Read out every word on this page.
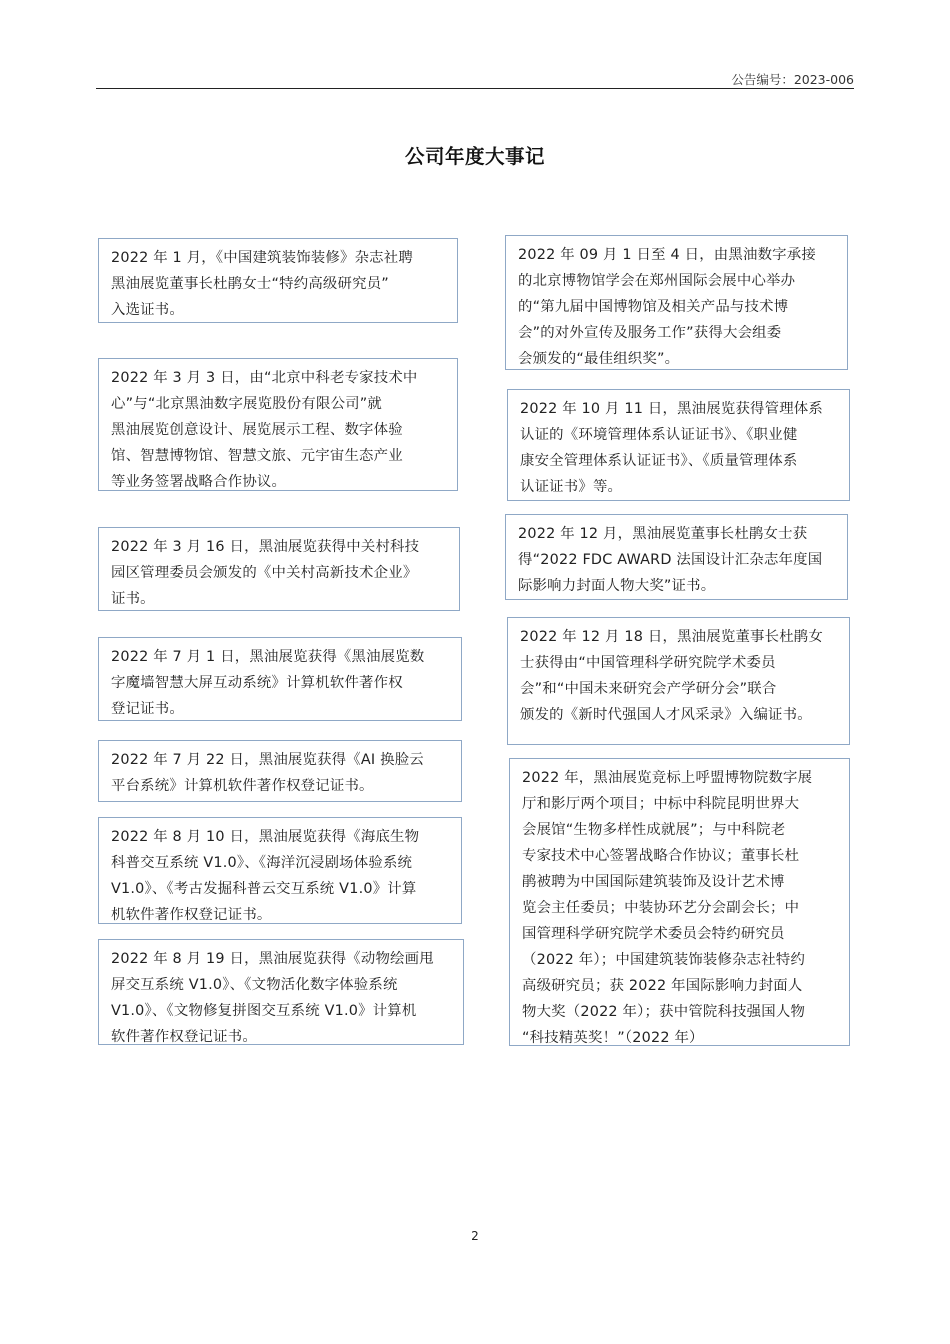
公告编号：2023-006
公司年度大事记
2022 年 1 月，《中国建筑装饰装修》杂志社聘
黑油展览董事长杜鹃女士“特约高级研究员”
入选证书。
2022 年 3 月 3 日，由“北京中科老专家技术中
心”与“北京黑油数字展览股份有限公司”就
黑油展览创意设计、展览展示工程、数字体验
馆、智慧博物馆、智慧文旅、元宇宙生态产业
等业务签署战略合作协议。
2022 年 3 月 16 日，黑油展览获得中关村科技
园区管理委员会颁发的《中关村高新技术企业》
证书。
2022 年 7 月 1 日，黑油展览获得《黑油展览数
字魔墙智慧大屏互动系统》计算机软件著作权
登记证书。
2022 年 7 月 22 日，黑油展览获得《AI 换脸云
平台系统》计算机软件著作权登记证书。
2022 年 8 月 10 日，黑油展览获得《海底生物
科普交互系统 V1.0》、《海洋沉浸剧场体验系统
V1.0》、《考古发掘科普云交互系统 V1.0》计算
机软件著作权登记证书。
2022 年 8 月 19 日，黑油展览获得《动物绘画甩
屏交互系统 V1.0》、《文物活化数字体验系统
V1.0》、《文物修复拼图交互系统 V1.0》计算机
软件著作权登记证书。
2022 年 09 月 1 日至 4 日，由黑油数字承接
的北京博物馆学会在郑州国际会展中心举办
的“第九届中国博物馆及相关产品与技术博
会”的对外宣传及服务工作”获得大会组委
会颁发的“最佳组织奖”。
2022 年 10 月 11 日，黑油展览获得管理体系
认证的《环境管理体系认证证书》、《职业健
康安全管理体系认证证书》、《质量管理体系
认证证书》等。
2022 年 12 月，黑油展览董事长杜鹃女士获
得“2022 FDC AWARD 法国设计汇杂志年度国
际影响力封面人物大奖”证书。
2022 年 12 月 18 日，黑油展览董事长杜鹃女
士获得由“中国管理科学研究院学术委员
会”和“中国未来研究会产学研分会”联合
颁发的《新时代强国人才风采录》入编证书。
2022 年，黑油展览竞标上呼盟博物院数字展
厅和影厅两个项目；中标中科院昆明世界大
会展馆“生物多样性成就展”；与中科院老
专家技术中心签署战略合作协议；董事长杜
鹃被聘为中国国际建筑装饰及设计艺术博
览会主任委员；中装协环艺分会副会长；中
国管理科学研究院学术委员会特约研究员
（2022 年）；中国建筑装饰装修杂志社特约
高级研究员；获 2022 年国际影响力封面人
物大奖（2022 年）；获中管院科技强国人物
“科技精英奖！”（2022 年）
2
